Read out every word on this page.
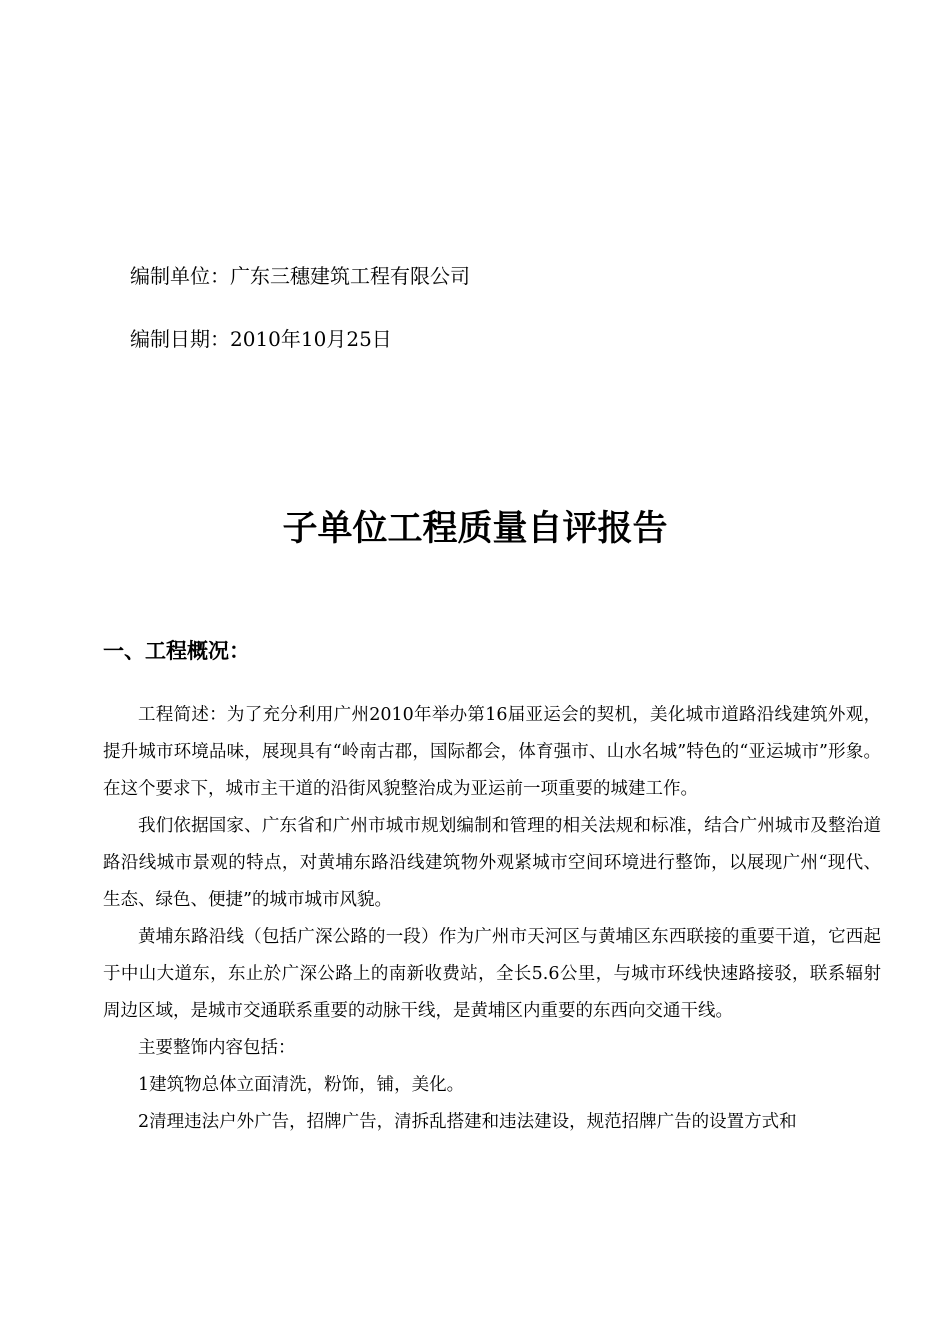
编制单位：广东三穗建筑工程有限公司
编制日期：2010年10月25日
子单位工程质量自评报告
一、工程概况：

工程简述：为了充分利用广州2010年举办第16届亚运会的契机，美化城市道路沿线建筑外观，提升城市环境品味，展现具有“岭南古郡，国际都会，体育强市、山水名城”特色的“亚运城市”形象。在这个要求下，城市主干道的沿街风貌整治成为亚运前一项重要的城建工作。

我们依据国家、广东省和广州市城市规划编制和管理的相关法规和标准，结合广州城市及整治道路沿线城市景观的特点，对黄埔东路沿线建筑物外观紧城市空间环境进行整饰，以展现广州“现代、生态、绿色、便捷”的城市城市风貌。

黄埔东路沿线（包括广深公路的一段）作为广州市天河区与黄埔区东西联接的重要干道，它西起于中山大道东，东止於广深公路上的南新收费站，全长5.6公里，与城市环线快速路接驳，联系辐射周边区域，是城市交通联系重要的动脉干线，是黄埔区内重要的东西向交通干线。

主要整饰内容包括：

1建筑物总体立面清洗，粉饰，铺，美化。

2清理违法户外广告，招牌广告，清拆乱搭建和违法建设，规范招牌广告的设置方式和
